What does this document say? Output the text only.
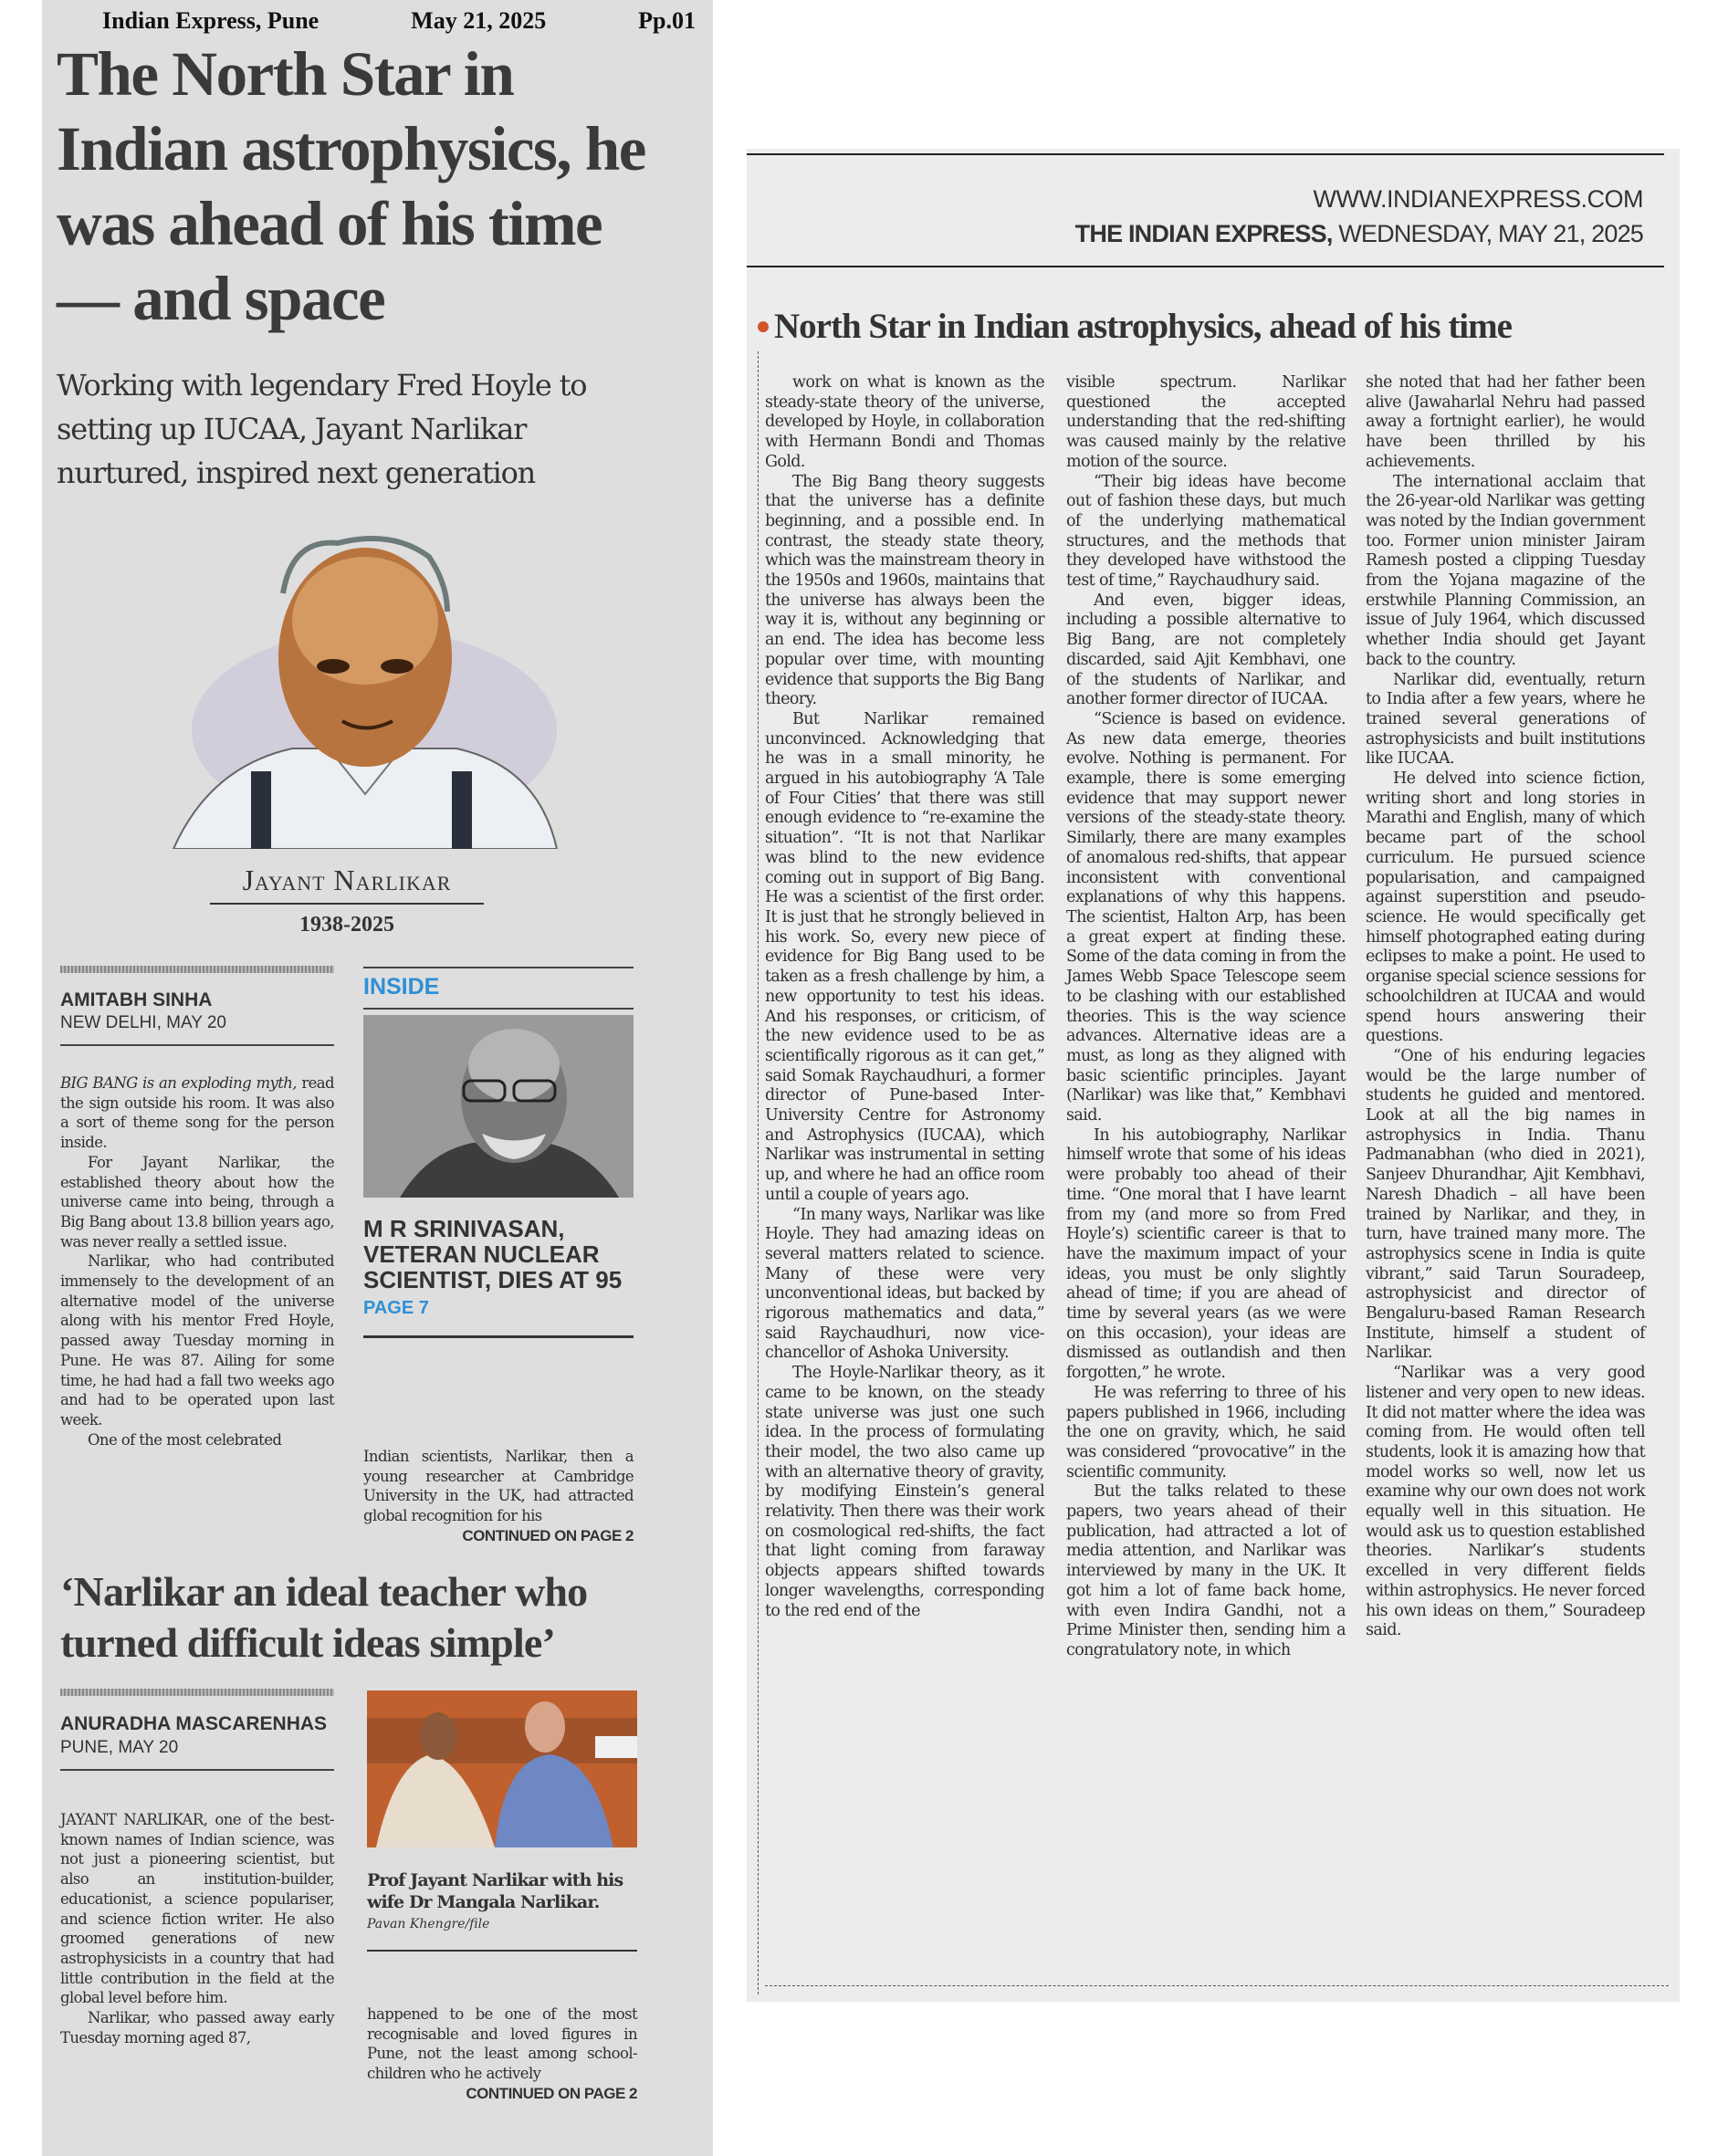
Indian Express, Pune	May 21, 2025	Pp.01
The North Star in Indian astrophysics, he was ahead of his time — and space
Working with legendary Fred Hoyle to setting up IUCAA, Jayant Narlikar nurtured, inspired next generation
Jayant Narlikar
1938-2025
AMITABH SINHA
NEW DELHI, MAY 20

BIG BANG is an exploding myth, read the sign outside his room. It was also a sort of theme song for the person inside.

For Jayant Narlikar, the established theory about how the universe came into being, through a Big Bang about 13.8 billion years ago, was never really a settled issue.

Narlikar, who had contributed immensely to the development of an alternative model of the universe along with his mentor Fred Hoyle, passed away Tuesday morning in Pune. He was 87. Ailing for some time, he had had a fall two weeks ago and had to be operated upon last week.

One of the most celebrated

INSIDE
M R SRINIVASAN, VETERAN NUCLEAR SCIENTIST, DIES AT 95 PAGE 7

Indian scientists, Narlikar, then a young researcher at Cambridge University in the UK, had attracted global recognition for his

CONTINUED ON PAGE 2
‘Narlikar an ideal teacher who turned difficult ideas simple’
ANURADHA MASCARENHAS
PUNE, MAY 20

JAYANT NARLIKAR, one of the best-known names of Indian science, was not just a pioneering scientist, but also an institution-builder, educationist, a science populariser, and science fiction writer. He also groomed generations of new astrophysicists in a country that had little contribution in the field at the global level before him.

Narlikar, who passed away early Tuesday morning aged 87,

Prof Jayant Narlikar with his wife Dr Mangala Narlikar.
Pavan Khengre/file

happened to be one of the most recognisable and loved figures in Pune, not the least among school-children who he actively

CONTINUED ON PAGE 2
WWW.INDIANEXPRESS.COM
THE INDIAN EXPRESS, WEDNESDAY, MAY 21, 2025
North Star in Indian astrophysics, ahead of his time

work on what is known as the steady-state theory of the universe, developed by Hoyle, in collaboration with Hermann Bondi and Thomas Gold.

The Big Bang theory suggests that the universe has a definite beginning, and a possible end. In contrast, the steady state theory, which was the mainstream theory in the 1950s and 1960s, maintains that the universe has always been the way it is, without any beginning or an end. The idea has become less popular over time, with mounting evidence that supports the Big Bang theory.

But Narlikar remained unconvinced. Acknowledging that he was in a small minority, he argued in his autobiography ‘A Tale of Four Cities’ that there was still enough evidence to “re-examine the situation”. “It is not that Narlikar was blind to the new evidence coming out in support of Big Bang. He was a scientist of the first order. It is just that he strongly believed in his work. So, every new piece of evidence for Big Bang used to be taken as a fresh challenge by him, a new opportunity to test his ideas. And his responses, or criticism, of the new evidence used to be as scientifically rigorous as it can get,” said Somak Raychaudhuri, a former director of Pune-based Inter-University Centre for Astronomy and Astrophysics (IUCAA), which Narlikar was instrumental in setting up, and where he had an office room until a couple of years ago.

“In many ways, Narlikar was like Hoyle. They had amazing ideas on several matters related to science. Many of these were very unconventional ideas, but backed by rigorous mathematics and data,” said Raychaudhuri, now vice-chancellor of Ashoka University.

The Hoyle-Narlikar theory, as it came to be known, on the steady state universe was just one such idea. In the process of formulating their model, the two also came up with an alternative theory of gravity, by modifying Einstein’s general relativity. Then there was their work on cosmological red-shifts, the fact that light coming from faraway objects appears shifted towards longer wavelengths, corresponding to the red end of the

visible spectrum. Narlikar questioned the accepted understanding that the red-shifting was caused mainly by the relative motion of the source.

“Their big ideas have become out of fashion these days, but much of the underlying mathematical structures, and the methods that they developed have withstood the test of time,” Raychaudhury said.

And even, bigger ideas, including a possible alternative to Big Bang, are not completely discarded, said Ajit Kembhavi, one of the students of Narlikar, and another former director of IUCAA.

“Science is based on evidence. As new data emerge, theories evolve. Nothing is permanent. For example, there is some emerging evidence that may support newer versions of the steady-state theory. Similarly, there are many examples of anomalous red-shifts, that appear inconsistent with conventional explanations of why this happens. The scientist, Halton Arp, has been a great expert at finding these. Some of the data coming in from the James Webb Space Telescope seem to be clashing with our established theories. This is the way science advances. Alternative ideas are a must, as long as they aligned with basic scientific principles. Jayant (Narlikar) was like that,” Kembhavi said.

In his autobiography, Narlikar himself wrote that some of his ideas were probably too ahead of their time. “One moral that I have learnt from my (and more so from Fred Hoyle’s) scientific career is that to have the maximum impact of your ideas, you must be only slightly ahead of time; if you are ahead of time by several years (as we were on this occasion), your ideas are dismissed as outlandish and then forgotten,” he wrote.

He was referring to three of his papers published in 1966, including the one on gravity, which, he said was considered “provocative” in the scientific community.

But the talks related to these papers, two years ahead of their publication, had attracted a lot of media attention, and Narlikar was interviewed by many in the UK. It got him a lot of fame back home, with even Indira Gandhi, not a Prime Minister then, sending him a congratulatory note, in which

she noted that had her father been alive (Jawaharlal Nehru had passed away a fortnight earlier), he would have been thrilled by his achievements.

The international acclaim that the 26-year-old Narlikar was getting was noted by the Indian government too. Former union minister Jairam Ramesh posted a clipping Tuesday from the Yojana magazine of the erstwhile Planning Commission, an issue of July 1964, which discussed whether India should get Jayant back to the country.

Narlikar did, eventually, return to India after a few years, where he trained several generations of astrophysicists and built institutions like IUCAA.

He delved into science fiction, writing short and long stories in Marathi and English, many of which became part of the school curriculum. He pursued science popularisation, and campaigned against superstition and pseudo-science. He would specifically get himself photographed eating during eclipses to make a point. He used to organise special science sessions for schoolchildren at IUCAA and would spend hours answering their questions.

“One of his enduring legacies would be the large number of students he guided and mentored. Look at all the big names in astrophysics in India. Thanu Padmanabhan (who died in 2021), Sanjeev Dhurandhar, Ajit Kembhavi, Naresh Dhadich – all have been trained by Narlikar, and they, in turn, have trained many more. The astrophysics scene in India is quite vibrant,” said Tarun Souradeep, astrophysicist and director of Bengaluru-based Raman Research Institute, himself a student of Narlikar.

“Narlikar was a very good listener and very open to new ideas. It did not matter where the idea was coming from. He would often tell students, look it is amazing how that model works so well, now let us examine why our own does not work equally well in this situation. He would ask us to question established theories. Narlikar’s students excelled in very different fields within astrophysics. He never forced his own ideas on them,” Souradeep said.
